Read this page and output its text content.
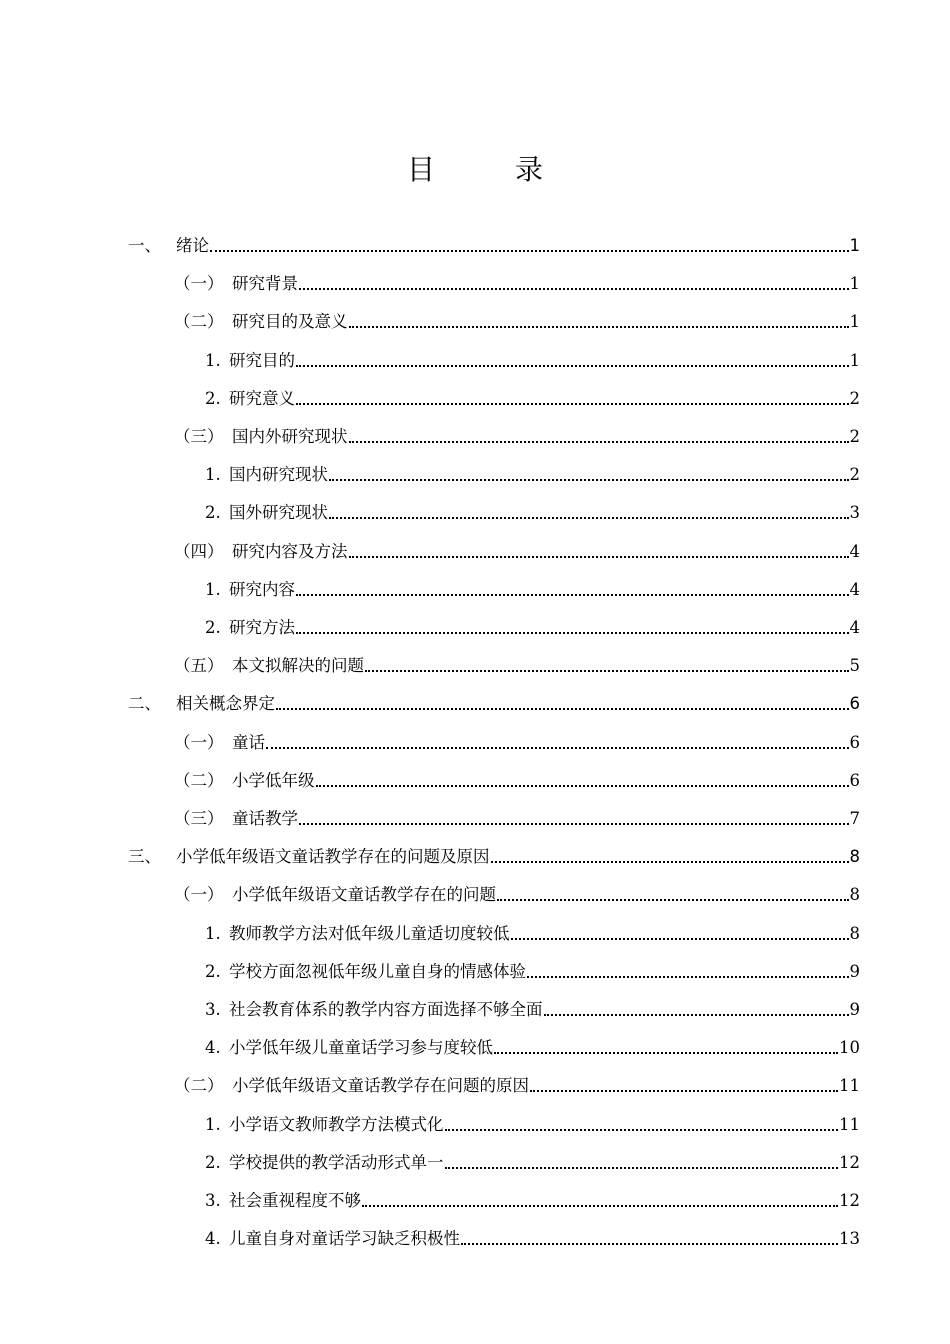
目　录
一、 绪论	1
（一） 研究背景	1
（二） 研究目的及意义	1
1. 研究目的	1
2. 研究意义	2
（三） 国内外研究现状	2
1. 国内研究现状	2
2. 国外研究现状	3
（四） 研究内容及方法	4
1. 研究内容	4
2. 研究方法	4
（五） 本文拟解决的问题	5
二、 相关概念界定	6
（一） 童话	6
（二） 小学低年级	6
（三） 童话教学	7
三、 小学低年级语文童话教学存在的问题及原因	8
（一） 小学低年级语文童话教学存在的问题	8
1. 教师教学方法对低年级儿童适切度较低	8
2. 学校方面忽视低年级儿童自身的情感体验	9
3. 社会教育体系的教学内容方面选择不够全面	9
4. 小学低年级儿童童话学习参与度较低	10
（二） 小学低年级语文童话教学存在问题的原因	11
1. 小学语文教师教学方法模式化	11
2. 学校提供的教学活动形式单一	12
3. 社会重视程度不够	12
4. 儿童自身对童话学习缺乏积极性	13
